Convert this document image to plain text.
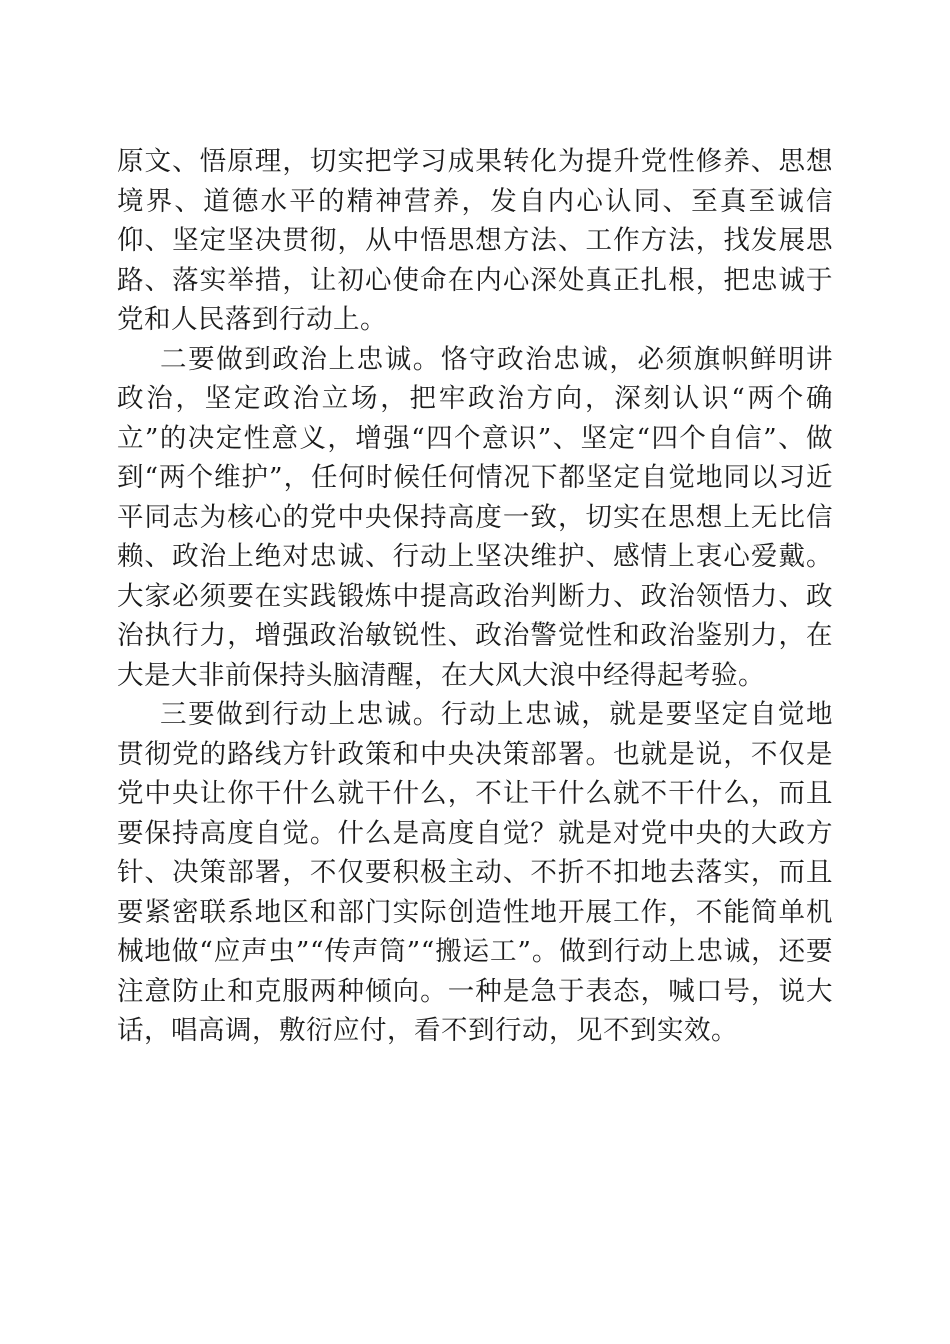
原文、悟原理，切实把学习成果转化为提升党性修养、思想境界、道德水平的精神营养，发自内心认同、至真至诚信仰、坚定坚决贯彻，从中悟思想方法、工作方法，找发展思路、落实举措，让初心使命在内心深处真正扎根，把忠诚于党和人民落到行动上。

二要做到政治上忠诚。恪守政治忠诚，必须旗帜鲜明讲政治，坚定政治立场，把牢政治方向，深刻认识“两个确立”的决定性意义，增强“四个意识”、坚定“四个自信”、做到“两个维护”，任何时候任何情况下都坚定自觉地同以习近平同志为核心的党中央保持高度一致，切实在思想上无比信赖、政治上绝对忠诚、行动上坚决维护、感情上衷心爱戴。大家必须要在实践锻炼中提高政治判断力、政治领悟力、政治执行力，增强政治敏锐性、政治警觉性和政治鉴别力，在大是大非前保持头脑清醒，在大风大浪中经得起考验。

三要做到行动上忠诚。行动上忠诚，就是要坚定自觉地贯彻党的路线方针政策和中央决策部署。也就是说，不仅是党中央让你干什么就干什么，不让干什么就不干什么，而且要保持高度自觉。什么是高度自觉？就是对党中央的大政方针、决策部署，不仅要积极主动、不折不扣地去落实，而且要紧密联系地区和部门实际创造性地开展工作，不能简单机械地做“应声虫”“传声筒”“搬运工”。做到行动上忠诚，还要注意防止和克服两种倾向。一种是急于表态，喊口号，说大话，唱高调，敷衍应付，看不到行动，见不到实效。
